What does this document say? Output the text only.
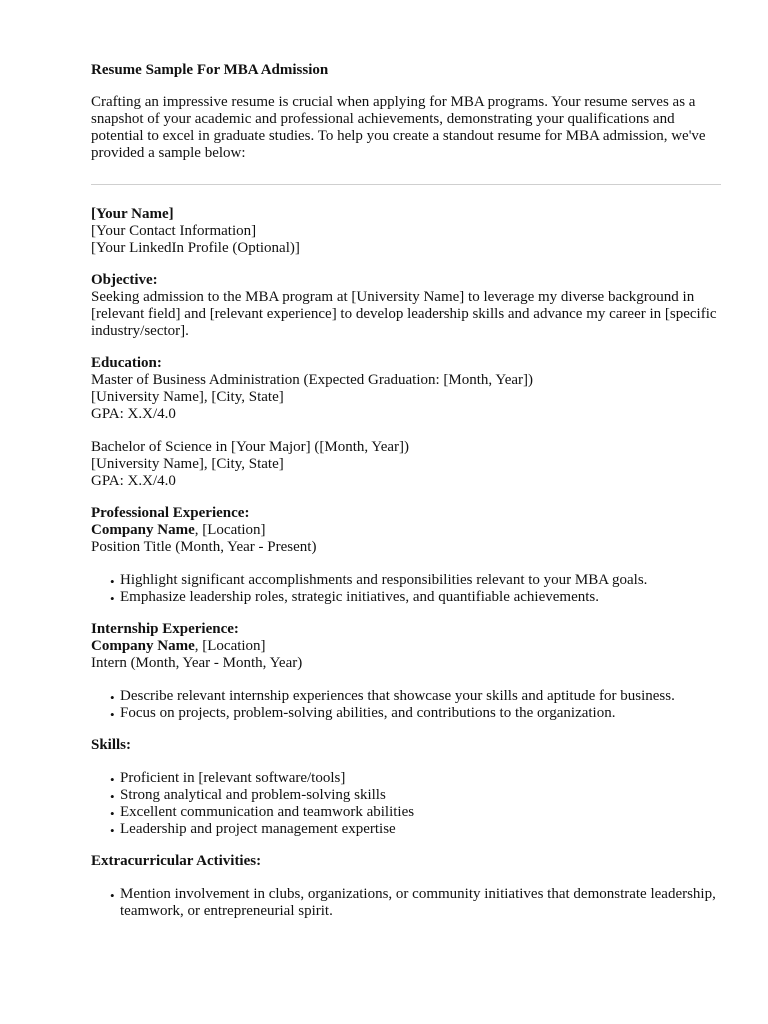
Resume Sample For MBA Admission

Crafting an impressive resume is crucial when applying for MBA programs. Your resume serves as a snapshot of your academic and professional achievements, demonstrating your qualifications and potential to excel in graduate studies. To help you create a standout resume for MBA admission, we've provided a sample below:

[Your Name]

[Your Contact Information]

[Your LinkedIn Profile (Optional)]

Objective:

Seeking admission to the MBA program at [University Name] to leverage my diverse background in [relevant field] and [relevant experience] to develop leadership skills and advance my career in [specific industry/sector].

Education:

Master of Business Administration (Expected Graduation: [Month, Year])

[University Name], [City, State]

GPA: X.X/4.0

Bachelor of Science in [Your Major] ([Month, Year])

[University Name], [City, State]

GPA: X.X/4.0

Professional Experience:

Company Name, [Location]

Position Title (Month, Year - Present)

• Highlight significant accomplishments and responsibilities relevant to your MBA goals.
• Emphasize leadership roles, strategic initiatives, and quantifiable achievements.

Internship Experience:

Company Name, [Location]

Intern (Month, Year - Month, Year)

• Describe relevant internship experiences that showcase your skills and aptitude for business.
• Focus on projects, problem-solving abilities, and contributions to the organization.

Skills:

• Proficient in [relevant software/tools]
• Strong analytical and problem-solving skills
• Excellent communication and teamwork abilities
• Leadership and project management expertise

Extracurricular Activities:

• Mention involvement in clubs, organizations, or community initiatives that demonstrate leadership, teamwork, or entrepreneurial spirit.
